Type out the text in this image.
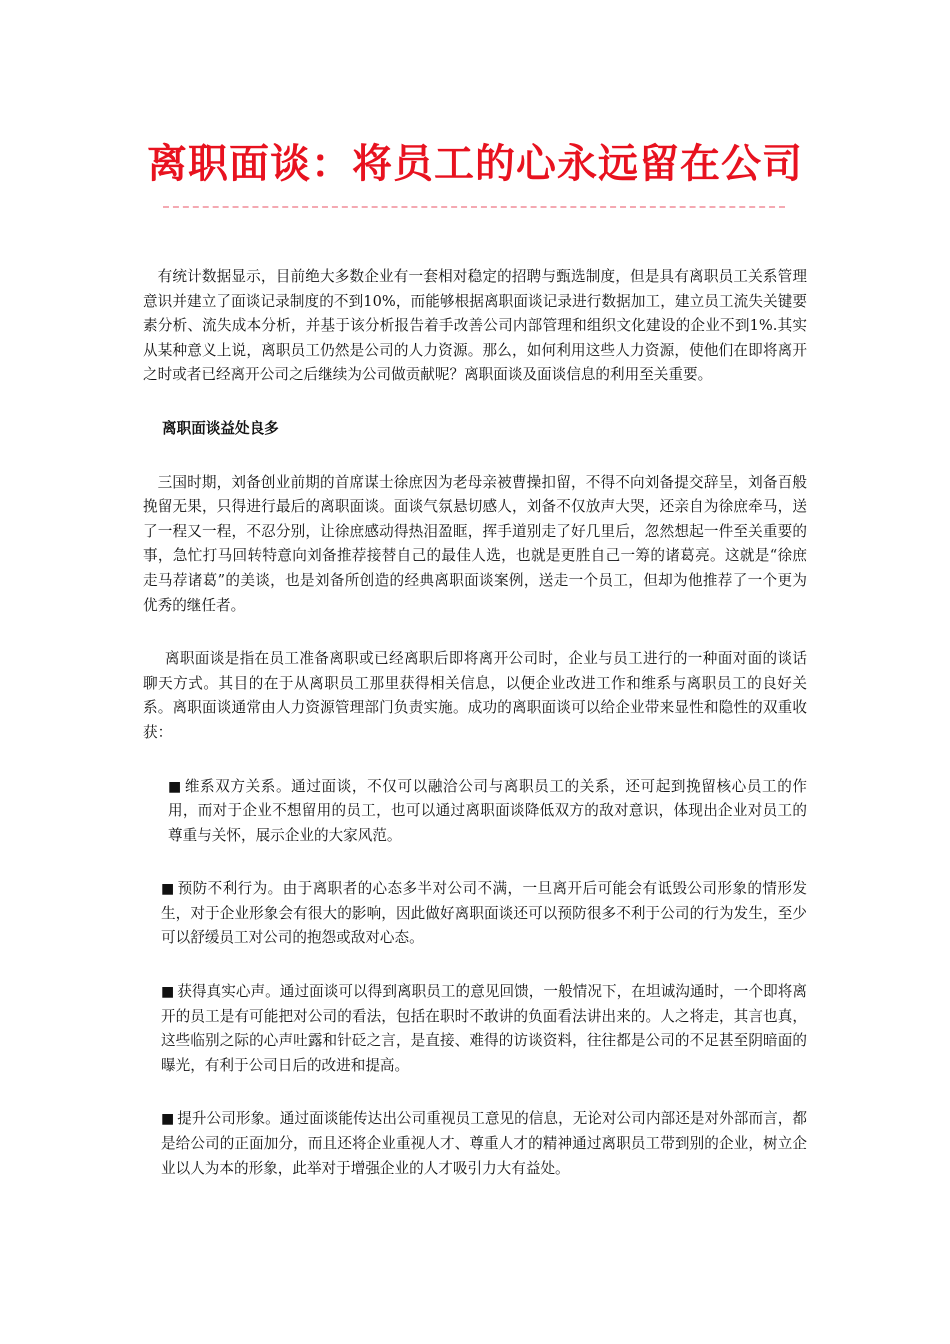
离职面谈：将员工的心永远留在公司

有统计数据显示，目前绝大多数企业有一套相对稳定的招聘与甄选制度，但是具有离职员工关系管理意识并建立了面谈记录制度的不到10%，而能够根据离职面谈记录进行数据加工，建立员工流失关键要素分析、流失成本分析，并基于该分析报告着手改善公司内部管理和组织文化建设的企业不到1%.其实从某种意义上说，离职员工仍然是公司的人力资源。那么，如何利用这些人力资源，使他们在即将离开之时或者已经离开公司之后继续为公司做贡献呢？离职面谈及面谈信息的利用至关重要。

离职面谈益处良多

三国时期，刘备创业前期的首席谋士徐庶因为老母亲被曹操扣留，不得不向刘备提交辞呈，刘备百般挽留无果，只得进行最后的离职面谈。面谈气氛悬切感人，刘备不仅放声大哭，还亲自为徐庶牵马，送了一程又一程，不忍分别，让徐庶感动得热泪盈眶，挥手道别走了好几里后，忽然想起一件至关重要的事，急忙打马回转特意向刘备推荐接替自己的最佳人选，也就是更胜自己一筹的诸葛亮。这就是“徐庶走马荐诸葛”的美谈，也是刘备所创造的经典离职面谈案例，送走一个员工，但却为他推荐了一个更为优秀的继任者。

离职面谈是指在员工准备离职或已经离职后即将离开公司时，企业与员工进行的一种面对面的谈话聊天方式。其目的在于从离职员工那里获得相关信息，以便企业改进工作和维系与离职员工的良好关系。离职面谈通常由人力资源管理部门负责实施。成功的离职面谈可以给企业带来显性和隐性的双重收获：

■ 维系双方关系。通过面谈，不仅可以融洽公司与离职员工的关系，还可起到挽留核心员工的作用，而对于企业不想留用的员工，也可以通过离职面谈降低双方的敌对意识，体现出企业对员工的尊重与关怀，展示企业的大家风范。

■ 预防不利行为。由于离职者的心态多半对公司不满，一旦离开后可能会有诋毁公司形象的情形发生，对于企业形象会有很大的影响，因此做好离职面谈还可以预防很多不利于公司的行为发生，至少可以舒缓员工对公司的抱怨或敌对心态。

■ 获得真实心声。通过面谈可以得到离职员工的意见回馈，一般情况下，在坦诚沟通时，一个即将离开的员工是有可能把对公司的看法，包括在职时不敢讲的负面看法讲出来的。人之将走，其言也真，这些临别之际的心声吐露和针砭之言，是直接、难得的访谈资料，往往都是公司的不足甚至阴暗面的曝光，有利于公司日后的改进和提高。

■ 提升公司形象。通过面谈能传达出公司重视员工意见的信息，无论对公司内部还是对外部而言，都是给公司的正面加分，而且还将企业重视人才、尊重人才的精神通过离职员工带到别的企业，树立企业以人为本的形象，此举对于增强企业的人才吸引力大有益处。
